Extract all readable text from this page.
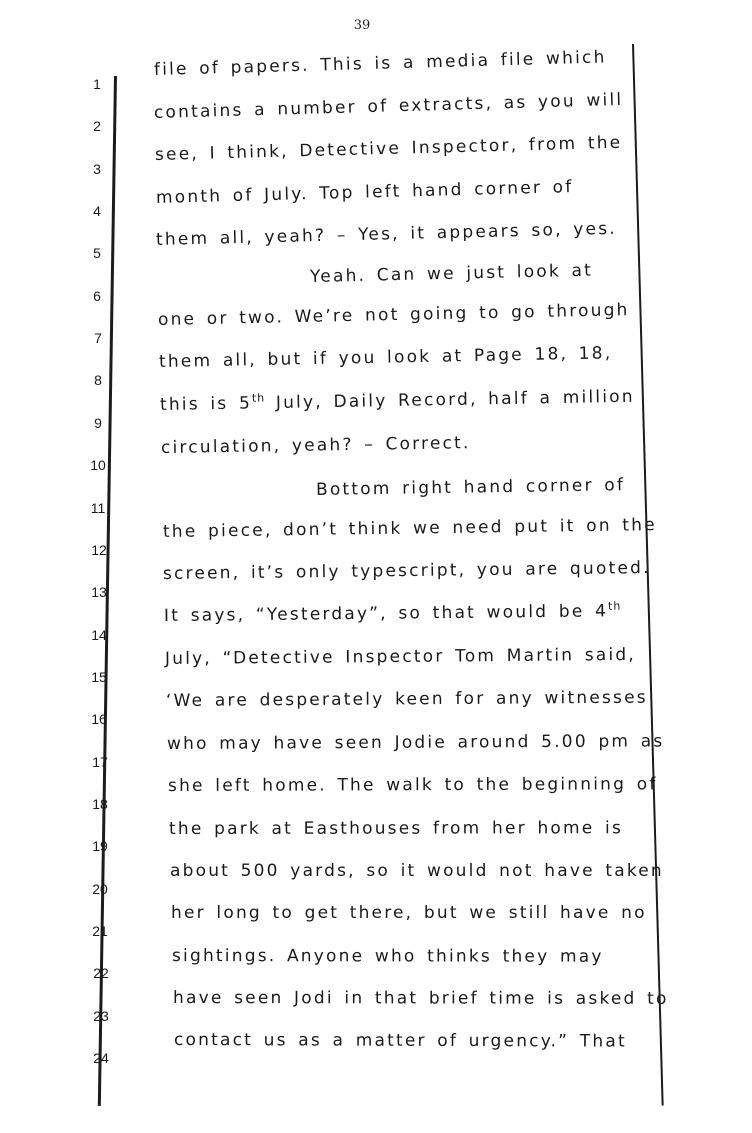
39
1
2
3
4
5
6
7
8
9
10
11
12
13
14
15
16
17
18
19
20
21
22
23
24
file of papers. This is a media file which
contains a number of extracts, as you will
see, I think, Detective Inspector, from the
month of July. Top left hand corner of
them all, yeah? – Yes, it appears so, yes.
Yeah. Can we just look at
one or two. We’re not going to go through
them all, but if you look at Page 18, 18,
this is 5th July, Daily Record, half a million
circulation, yeah? – Correct.
Bottom right hand corner of
the piece, don’t think we need put it on the
screen, it’s only typescript, you are quoted.
It says, “Yesterday”, so that would be 4th
July, “Detective Inspector Tom Martin said,
‘We are desperately keen for any witnesses
who may have seen Jodie around 5.00 pm as
she left home. The walk to the beginning of
the park at Easthouses from her home is
about 500 yards, so it would not have taken
her long to get there, but we still have no
sightings. Anyone who thinks they may
have seen Jodi in that brief time is asked to
contact us as a matter of urgency.” That
